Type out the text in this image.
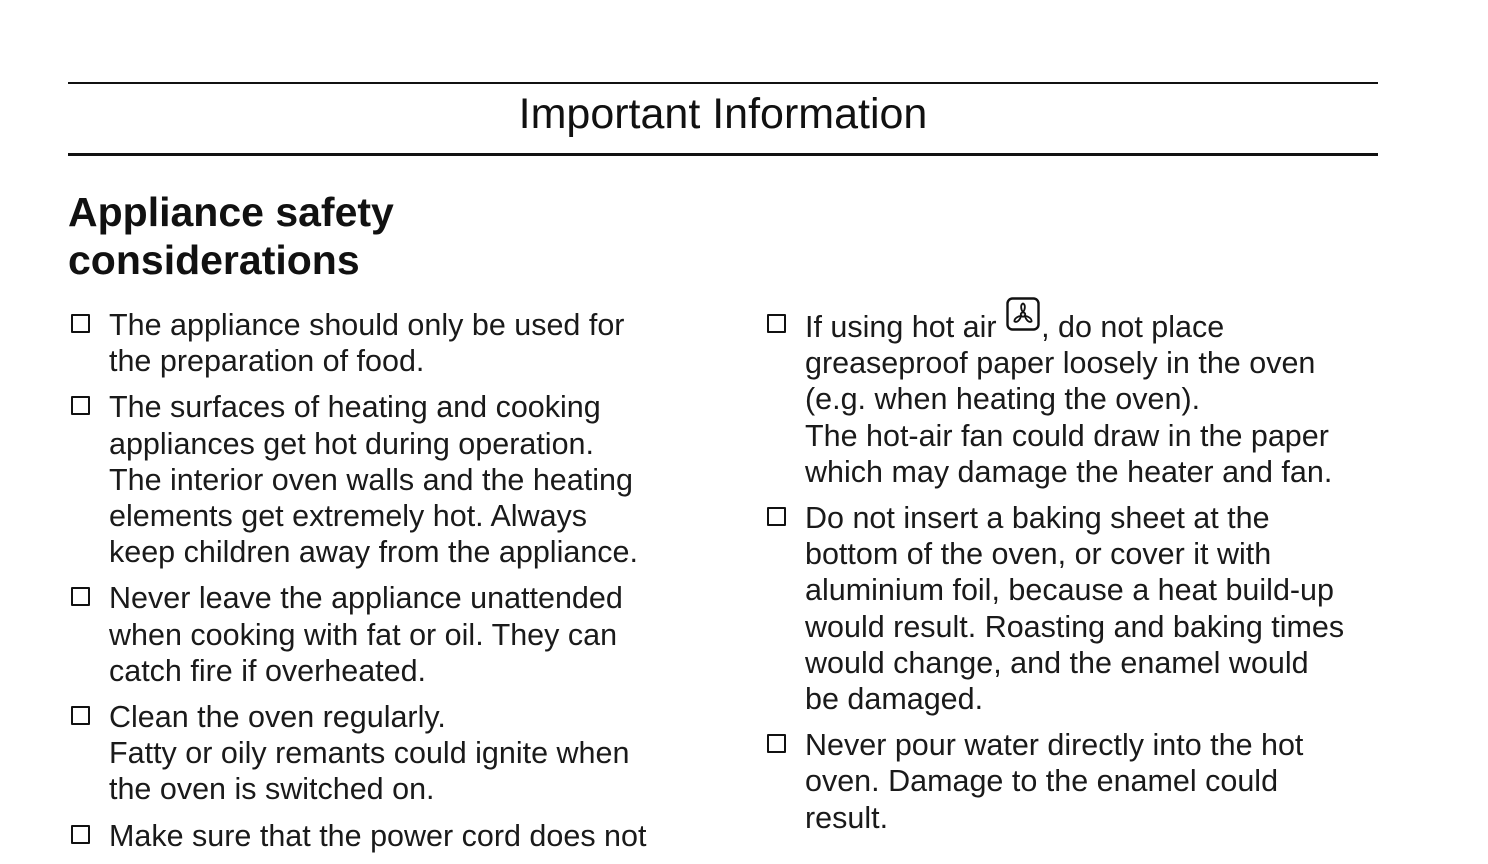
Important Information
Appliance safety
considerations
The appliance should only be used for
the preparation of food.
The surfaces of heating and cooking
appliances get hot during operation.
The interior oven walls and the heating
elements get extremely hot. Always
keep children away from the appliance.
Never leave the appliance unattended
when cooking with fat or oil. They can
catch fire if overheated.
Clean the oven regularly.
Fatty or oily remants could ignite when
the oven is switched on.
Make sure that the power cord does not
If using hot air , do not place
greaseproof paper loosely in the oven
(e.g. when heating the oven).
The hot-air fan could draw in the paper
which may damage the heater and fan.
Do not insert a baking sheet at the
bottom of the oven, or cover it with
aluminium foil, because a heat build-up
would result. Roasting and baking times
would change, and the enamel would
be damaged.
Never pour water directly into the hot
oven. Damage to the enamel could
result.
